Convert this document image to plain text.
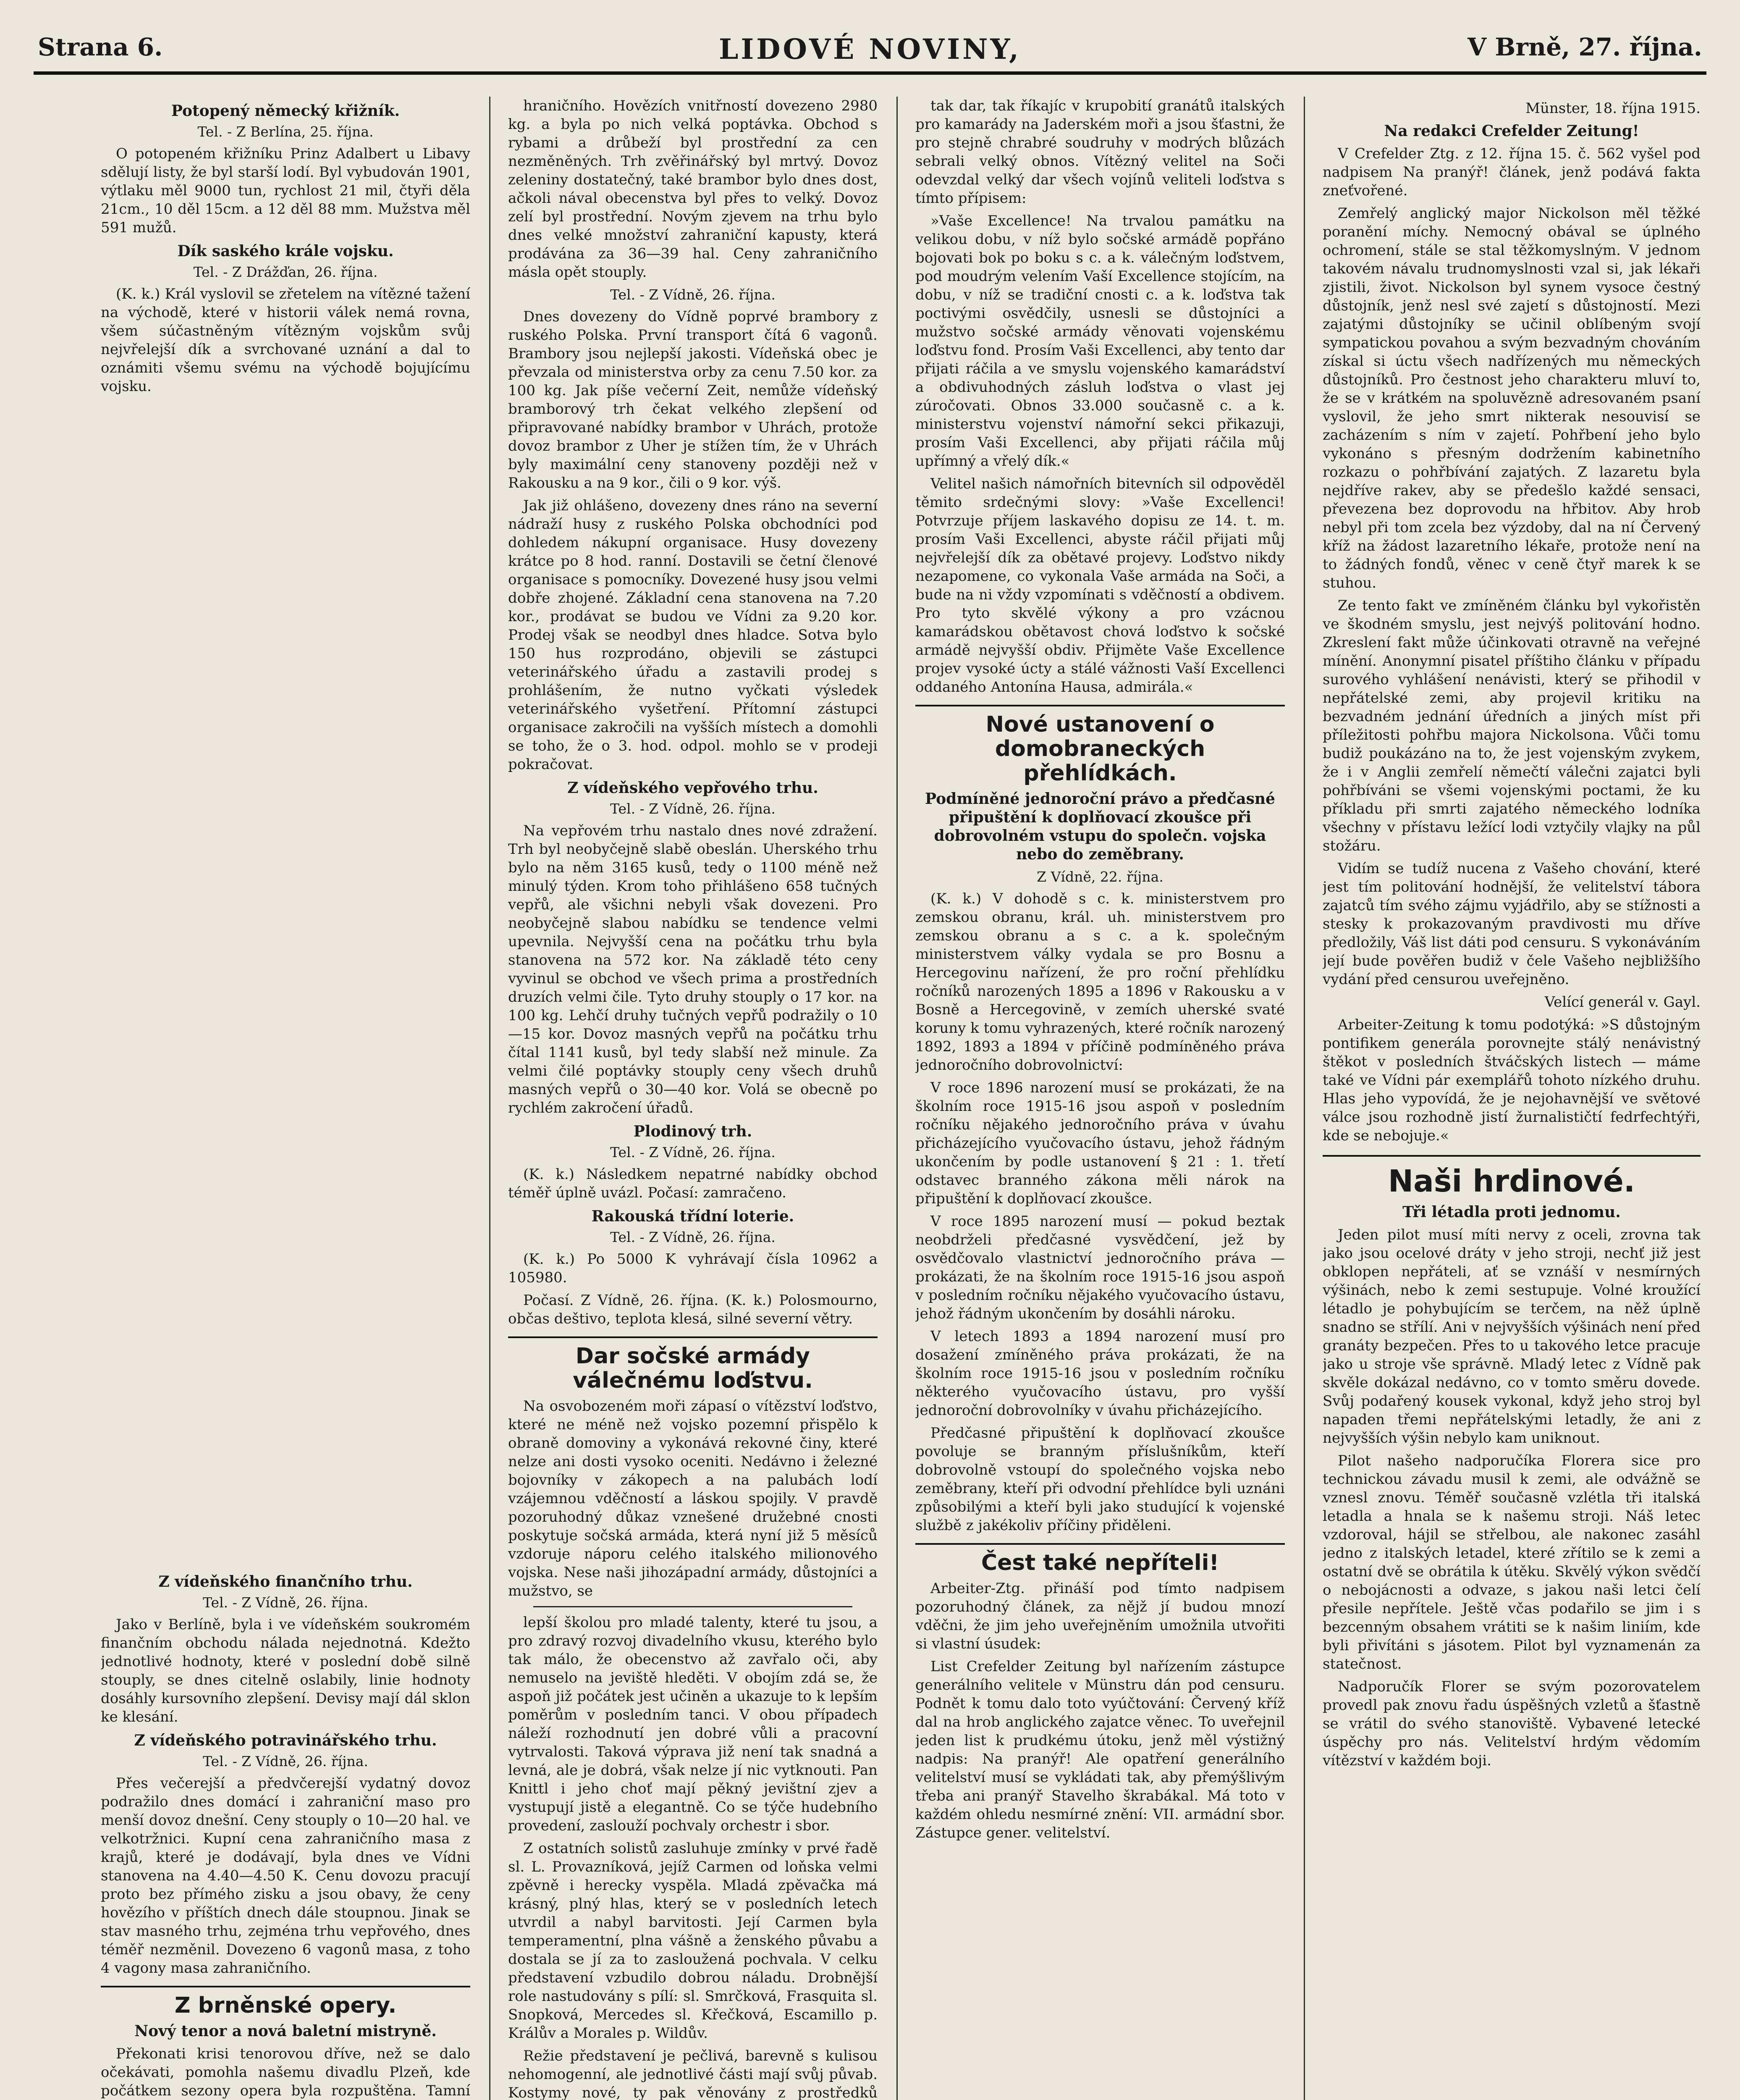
Strana 6.	LIDOVÉ NOVINY,	V Brně, 27. října.
Potopený německý křižník.
Tel. - Z Berlína, 25. října.

O potopeném křižníku Prinz Adalbert u Libavy sdělují listy, že byl starší lodí. Byl vybudován 1901, výtlaku měl 9000 tun, rychlost 21 mil, čtyři děla 21cm., 10 děl 15cm. a 12 děl 88 mm. Mužstva měl 591 mužů.

Dík saského krále vojsku.
Tel. - Z Drážďan, 26. října.

(K. k.) Král vyslovil se zřetelem na vítězné tažení na východě, které v historii válek nemá rovna, všem súčastněným vítězným vojskům svůj nejvřelejší dík a svrchované uznání a dal to oznámiti všemu svému na východě bojujícímu vojsku.

Z vídeňského finančního trhu.
Tel. - Z Vídně, 26. října.

Jako v Berlíně, byla i ve vídeňském soukromém finančním obchodu nálada nejednotná. Kdežto jednotlivé hodnoty, které v poslední době silně stouply, se dnes citelně oslabily, linie hodnoty dosáhly kursovního zlepšení. Devisy mají dál sklon ke klesání.

Z vídeňského potravinářského trhu.
Tel. - Z Vídně, 26. října.

Přes večerejší a předvčerejší vydatný dovoz podražilo dnes domácí i zahraniční maso pro menší dovoz dnešní. Ceny stouply o 10—20 hal. ve velkotržnici. Kupní cena zahraničního masa z krajů, které je dodávají, byla dnes ve Vídni stanovena na 4.40—4.50 K. Cenu dovozu pracují proto bez přímého zisku a jsou obavy, že ceny hovězího v příštích dnech dále stoupnou. Jinak se stav masného trhu, zejména trhu vepřového, dnes téměř nezměnil. Dovezeno 6 vagonů masa, z toho 4 vagony masa zahraničního.

Z brněnské opery.
Nový tenor a nová baletní mistryně.

Překonati krisi tenorovou dříve, než se dalo očekávati, pomohla našemu divadlu Plzeň, kde počátkem sezony opera byla rozpuštěna. Tamní

hraničního. Hovězích vnitřností dovezeno 2980 kg. a byla po nich velká poptávka. Obchod s rybami a drůbeží byl prostřední za cen nezměněných. Trh zvěřinářský byl mrtvý. Dovoz zeleniny dostatečný, také brambor bylo dnes dost, ačkoli nával obecenstva byl přes to velký. Dovoz zelí byl prostřední. Novým zjevem na trhu bylo dnes velké množství zahraniční kapusty, která prodávána za 36—39 hal. Ceny zahraničního másla opět stouply.

Tel. - Z Vídně, 26. října.

Dnes dovezeny do Vídně poprvé brambory z ruského Polska. První transport čítá 6 vagonů. Brambory jsou nejlepší jakosti. Vídeňská obec je převzala od ministerstva orby za cenu 7.50 kor. za 100 kg. Jak píše večerní Zeit, nemůže vídeňský bramborový trh čekat velkého zlepšení od připravované nabídky brambor v Uhrách, protože dovoz brambor z Uher je stížen tím, že v Uhrách byly maximální ceny stanoveny později než v Rakousku a na 9 kor., čili o 9 kor. výš.

Jak již ohlášeno, dovezeny dnes ráno na severní nádraží husy z ruského Polska obchodníci pod dohledem nákupní organisace. Husy dovezeny krátce po 8 hod. ranní. Dostavili se četní členové organisace s pomocníky. Dovezené husy jsou velmi dobře zhojené. Základní cena stanovena na 7.20 kor., prodávat se budou ve Vídni za 9.20 kor. Prodej však se neodbyl dnes hladce. Sotva bylo 150 hus rozprodáno, objevili se zástupci veterinářského úřadu a zastavili prodej s prohlášením, že nutno vyčkati výsledek veterinářského vyšetření. Přítomní zástupci organisace zakročili na vyšších místech a domohli se toho, že o 3. hod. odpol. mohlo se v prodeji pokračovat.

Z vídeňského vepřového trhu.
Tel. - Z Vídně, 26. října.

Na vepřovém trhu nastalo dnes nové zdražení. Trh byl neobyčejně slabě obeslán. Uherského trhu bylo na něm 3165 kusů, tedy o 1100 méně než minulý týden. Krom toho přihlášeno 658 tučných vepřů, ale všichni nebyli však dovezeni. Pro neobyčejně slabou nabídku se tendence velmi upevnila. Nejvyšší cena na počátku trhu byla stanovena na 572 kor. Na základě této ceny vyvinul se obchod ve všech prima a prostředních druzích velmi čile. Tyto druhy stouply o 17 kor. na 100 kg. Lehčí druhy tučných vepřů podražily o 10—15 kor. Dovoz masných vepřů na počátku trhu čítal 1141 kusů, byl tedy slabší než minule. Za velmi čilé poptávky stouply ceny všech druhů masných vepřů o 30—40 kor. Volá se obecně po rychlém zakročení úřadů.

Plodinový trh.
Tel. - Z Vídně, 26. října.

(K. k.) Následkem nepatrné nabídky obchod téměř úplně uvázl. Počasí: zamračeno.

Rakouská třídní loterie.
Tel. - Z Vídně, 26. října.

(K. k.) Po 5000 K vyhrávají čísla 10962 a 105980.

Počasí. Z Vídně, 26. října. (K. k.) Polosmourno, občas deštivo, teplota klesá, silné severní větry.

Dar sočské armády válečnému loďstvu.

Na osvobozeném moři zápasí o vítězství loďstvo, které ne méně než vojsko pozemní přispělo k obraně domoviny a vykonává rekovné činy, které nelze ani dosti vysoko oceniti. Nedávno i železné bojovníky v zákopech a na palubách lodí vzájemnou vděčností a láskou spojily. V pravdě pozoruhodný důkaz vznešené družebné cnosti poskytuje sočská armáda, která nyní již 5 měsíců vzdoruje náporu celého italského milionového vojska. Nese naši jihozápadní armády, důstojníci a mužstvo, se

lepší školou pro mladé talenty, které tu jsou, a pro zdravý rozvoj divadelního vkusu, kterého bylo tak málo, že obecenstvo až zavřalo oči, aby nemuselo na jeviště hleděti. V obojím zdá se, že aspoň již počátek jest učiněn a ukazuje to k lepším poměrům v posledním tanci. V obou případech náleží rozhodnutí jen dobré vůli a pracovní vytrvalosti. Taková výprava již není tak snadná a levná, ale je dobrá, však nelze jí nic vytknouti. Pan Knittl i jeho choť mají pěkný jevištní zjev a vystupují jistě a elegantně. Co se týče hudebního provedení, zaslouží pochvaly orchestr i sbor.

Z ostatních solistů zasluhuje zmínky v prvé řadě sl. L. Provazníková, jejíž Carmen od loňska velmi zpěvně i herecky vyspěla. Mladá zpěvačka má krásný, plný hlas, který se v posledních letech utvrdil a nabyl barvitosti. Její Carmen byla temperamentní, plna vášně a ženského půvabu a dostala se jí za to zasloužená pochvala. V celku představení vzbudilo dobrou náladu. Drobnější role nastudovány s pílí: sl. Smrčková, Frasquita sl. Snopková, Mercedes sl. Křečková, Escamillo p. Králův a Morales p. Wildův.

Režie představení je pečlivá, barevně s kulisou nehomogenní, ale jednotlivé části mají svůj půvab. Kostymy nové, ty pak věnovány z prostředků

tak dar, tak říkajíc v krupobití granátů italských pro kamarády na Jaderském moři a jsou šťastni, že pro stejně chrabré soudruhy v modrých blůzách sebrali velký obnos. Vítězný velitel na Soči odevzdal velký dar všech vojínů veliteli loďstva s tímto přípisem:

»Vaše Excellence! Na trvalou památku na velikou dobu, v níž bylo sočské armádě popřáno bojovati bok po boku s c. a k. válečným loďstvem, pod moudrým velením Vaší Excellence stojícím, na dobu, v níž se tradiční cnosti c. a k. loďstva tak poctivými osvědčily, usnesli se důstojníci a mužstvo sočské armády věnovati vojenskému loďstvu fond. Prosím Vaši Excellenci, aby tento dar přijati ráčila a ve smyslu vojenského kamarádství a obdivuhodných zásluh loďstva o vlast jej zúročovati. Obnos 33.000 současně c. a k. ministerstvu vojenství námořní sekci přikazuji, prosím Vaši Excellenci, aby přijati ráčila můj upřímný a vřelý dík.«

Velitel našich námořních bitevních sil odpověděl těmito srdečnými slovy: »Vaše Excellenci! Potvrzuje příjem laskavého dopisu ze 14. t. m. prosím Vaši Excellenci, abyste ráčil přijati můj nejvřelejší dík za obětavé projevy. Loďstvo nikdy nezapomene, co vykonala Vaše armáda na Soči, a bude na ni vždy vzpomínati s vděčností a obdivem. Pro tyto skvělé výkony a pro vzácnou kamarádskou obětavost chová loďstvo k sočské armádě nejvyšší obdiv. Přijměte Vaše Excellence projev vysoké úcty a stálé vážnosti Vaší Excellenci oddaného Antonína Hausa, admirála.«

Nové ustanovení o domobraneckých přehlídkách.
Podmíněné jednoroční právo a předčasné připuštění k doplňovací zkoušce při dobrovolném vstupu do společn. vojska nebo do zeměbrany.
Z Vídně, 22. října.

(K. k.) V dohodě s c. k. ministerstvem pro zemskou obranu, král. uh. ministerstvem pro zemskou obranu a s c. a k. společným ministerstvem války vydala se pro Bosnu a Hercegovinu nařízení, že pro roční přehlídku ročníků narozených 1895 a 1896 v Rakousku a v Bosně a Hercegovině, v zemích uherské svaté koruny k tomu vyhrazených, které ročník narozený 1892, 1893 a 1894 v příčině podmíněného práva jednoročního dobrovolnictví:

V roce 1896 narození musí se prokázati, že na školním roce 1915-16 jsou aspoň v posledním ročníku nějakého jednoročního práva v úvahu přicházejícího vyučovacího ústavu, jehož řádným ukončením by podle ustanovení § 21 : 1. třetí odstavec branného zákona měli nárok na připuštění k doplňovací zkoušce.

V roce 1895 narození musí — pokud beztak neobdrželi předčasné vysvědčení, jež by osvědčovalo vlastnictví jednoročního práva — prokázati, že na školním roce 1915-16 jsou aspoň v posledním ročníku nějakého vyučovacího ústavu, jehož řádným ukončením by dosáhli nároku.

V letech 1893 a 1894 narození musí pro dosažení zmíněného práva prokázati, že na školním roce 1915-16 jsou v posledním ročníku některého vyučovacího ústavu, pro vyšší jednoroční dobrovolníky v úvahu přicházejícího.

Předčasné připuštění k doplňovací zkoušce povoluje se branným příslušníkům, kteří dobrovolně vstoupí do společného vojska nebo zeměbrany, kteří při odvodní přehlídce byli uznáni způsobilými a kteří byli jako studující k vojenské službě z jakékoliv příčiny přiděleni.

Čest také nepříteli!

Arbeiter-Ztg. přináší pod tímto nadpisem pozoruhodný článek, za nějž jí budou mnozí vděčni, že jim jeho uveřejněním umožnila utvořiti si vlastní úsudek:

List Crefelder Zeitung byl nařízením zástupce generálního velitele v Münstru dán pod censuru. Podnět k tomu dalo toto vyúčtování: Červený kříž dal na hrob anglického zajatce věnec. To uveřejnil jeden list k prudkému útoku, jenž měl výstižný nadpis: Na pranýř! Ale opatření generálního velitelství musí se vykládati tak, aby přemýšlivým třeba ani pranýř Stavelho škrabákal. Má toto v každém ohledu nesmírné znění: VII. armádní sbor. Zástupce gener. velitelství.

Münster, 18. října 1915.
Na redakci Crefelder Zeitung!

V Crefelder Ztg. z 12. října 15. č. 562 vyšel pod nadpisem Na pranýř! článek, jenž podává fakta zneťvořené.

Zemřelý anglický major Nickolson měl těžké poranění míchy. Nemocný obával se úplného ochromení, stále se stal těžkomyslným. V jednom takovém návalu trudnomyslnosti vzal si, jak lékaři zjistili, život. Nickolson byl synem vysoce čestný důstojník, jenž nesl své zajetí s důstojností. Mezi zajatými důstojníky se učinil oblíbeným svojí sympatickou povahou a svým bezvadným chováním získal si úctu všech nadřízených mu německých důstojníků. Pro čestnost jeho charakteru mluví to, že se v krátkém na spoluvězně adresovaném psaní vyslovil, že jeho smrt nikterak nesouvisí se zacházením s ním v zajetí. Pohřbení jeho bylo vykonáno s přesným dodržením kabinetního rozkazu o pohřbívání zajatých. Z lazaretu byla nejdříve rakev, aby se předešlo každé sensaci, převezena bez doprovodu na hřbitov. Aby hrob nebyl při tom zcela bez výzdoby, dal na ní Červený kříž na žádost lazaretního lékaře, protože není na to žádných fondů, věnec v ceně čtyř marek k se stuhou.

Ze tento fakt ve zmíněném článku byl vykořistěn ve škodném smyslu, jest nejvýš politování hodno. Zkreslení fakt může účinkovati otravně na veřejné mínění. Anonymní pisatel příštiho článku v případu surového vyhlášení nenávisti, který se přihodil v nepřátelské zemi, aby projevil kritiku na bezvadném jednání úředních a jiných míst při příležitosti pohřbu majora Nickolsona. Vůči tomu budiž poukázáno na to, že jest vojenským zvykem, že i v Anglii zemřelí němečtí válečni zajatci byli pohřbíváni se všemi vojenskými poctami, že ku příkladu při smrti zajatého německého lodníka všechny v přístavu ležící lodi vztyčily vlajky na půl stožáru.

Vidím se tudíž nucena z Vašeho chování, které jest tím politování hodnější, že velitelství tábora zajatců tím svého zájmu vyjádřilo, aby se stížnosti a stesky k prokazovaným pravdivosti mu dříve předložily, Váš list dáti pod censuru. S vykonáváním její bude pověřen budiž v čele Vašeho nejbližšího vydání před censurou uveřejněno.

Velící generál v. Gayl.

Arbeiter-Zeitung k tomu podotýká: »S důstojným pontifikem generála porovnejte stálý nenávistný štěkot v posledních štváčských listech — máme také ve Vídni pár exemplářů tohoto nízkého druhu. Hlas jeho vypovídá, že je nejohavnější ve světové válce jsou rozhodně jistí žurnalističtí fedrfechtýři, kde se nebojuje.«

Naši hrdinové.
Tři létadla proti jednomu.

Jeden pilot musí míti nervy z oceli, zrovna tak jako jsou ocelové dráty v jeho stroji, nechť již jest obklopen nepřáteli, ať se vznáší v nesmírných výšinách, nebo k zemi sestupuje. Volné kroužící létadlo je pohybujícím se terčem, na něž úplně snadno se střílí. Ani v nejvyšších výšinách není před granáty bezpečen. Přes to u takového letce pracuje jako u stroje vše správně. Mladý letec z Vídně pak skvěle dokázal nedávno, co v tomto směru dovede. Svůj podařený kousek vykonal, když jeho stroj byl napaden třemi nepřátelskými letadly, že ani z nejvyšších výšin nebylo kam uniknout.

Pilot našeho nadporučíka Florera sice pro technickou závadu musil k zemi, ale odvážně se vznesl znovu. Téměř současně vzlétla tři italská letadla a hnala se k našemu stroji. Náš letec vzdoroval, hájil se střelbou, ale nakonec zasáhl jedno z italských letadel, které zřítilo se k zemi a ostatní dvě se obrátila k útěku. Skvělý výkon svědčí o nebojácnosti a odvaze, s jakou naši letci čelí přesile nepřítele. Ještě včas podařilo se jim i s bezcenným obsahem vrátiti se k našim liniím, kde byli přivítáni s jásotem. Pilot byl vyznamenán za statečnost.

Nadporučík Florer se svým pozorovatelem provedl pak znovu řadu úspěšných vzletů a šťastně se vrátil do svého stanoviště. Vybavené letecké úspěchy pro nás. Velitelství hrdým vědomím vítězství v každém boji.
